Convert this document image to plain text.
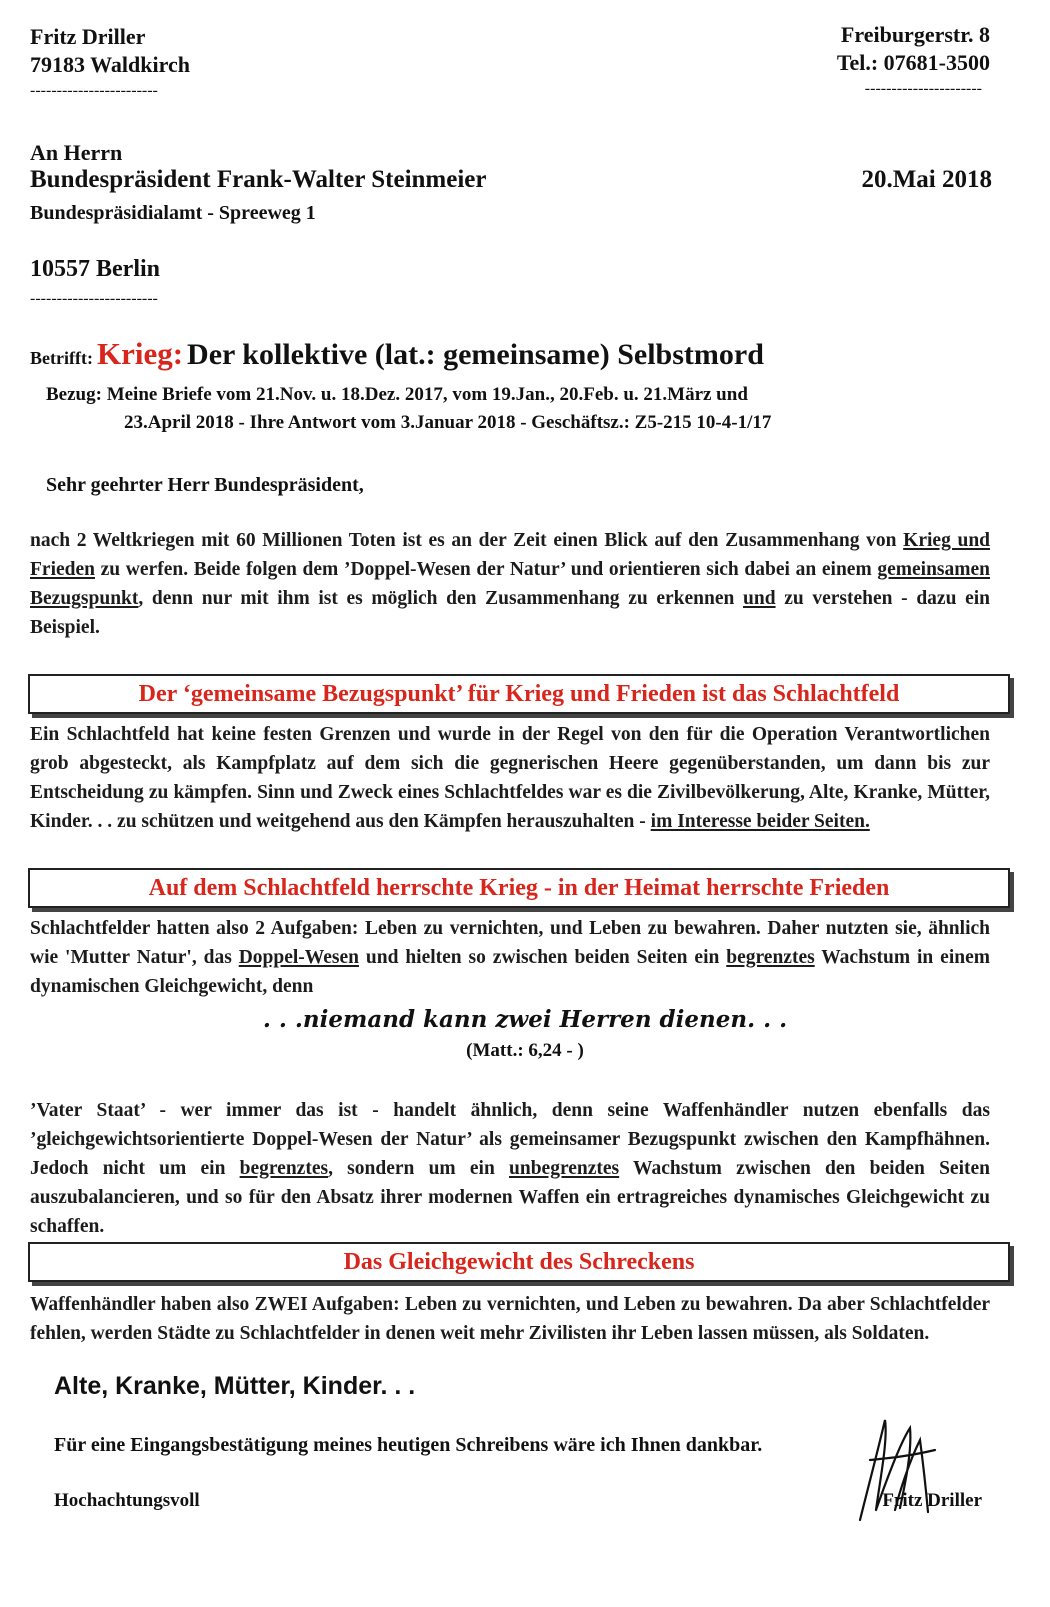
Fritz Driller
79183 Waldkirch
------------------------
Freiburgerstr. 8
Tel.: 07681-3500
----------------------
An Herrn
Bundespräsident Frank-Walter Steinmeier
Bundespräsidialamt - Spreeweg 1
10557 Berlin
------------------------
20.Mai 2018
Betrifft: Krieg: Der kollektive (lat.: gemeinsame) Selbstmord
Bezug: Meine Briefe vom 21.Nov. u. 18.Dez. 2017, vom 19.Jan., 20.Feb. u. 21.März und
23.April 2018 - Ihre Antwort vom 3.Januar 2018 - Geschäftsz.: Z5-215 10-4-1/17
Sehr geehrter Herr Bundespräsident,

nach 2 Weltkriegen mit 60 Millionen Toten ist es an der Zeit einen Blick auf den Zusammenhang von Krieg und Frieden zu werfen. Beide folgen dem ’Doppel-Wesen der Natur’ und orientieren sich dabei an einem gemeinsamen Bezugspunkt, denn nur mit ihm ist es möglich den Zusammenhang zu erkennen und zu verstehen - dazu ein Beispiel.

Der ‘gemeinsame Bezugspunkt’ für Krieg und Frieden ist das Schlachtfeld

Ein Schlachtfeld hat keine festen Grenzen und wurde in der Regel von den für die Operation Verantwortlichen grob abgesteckt, als Kampfplatz auf dem sich die gegnerischen Heere gegenüberstanden, um dann bis zur Entscheidung zu kämpfen. Sinn und Zweck eines Schlachtfeldes war es die Zivilbevölkerung, Alte, Kranke, Mütter, Kinder. . . zu schützen und weitgehend aus den Kämpfen herauszuhalten - im Interesse beider Seiten.

Auf dem Schlachtfeld herrschte Krieg - in der Heimat herrschte Frieden

Schlachtfelder hatten also 2 Aufgaben: Leben zu vernichten, und Leben zu bewahren. Daher nutzten sie, ähnlich wie 'Mutter Natur', das Doppel-Wesen und hielten so zwischen beiden Seiten ein begrenztes Wachstum in einem dynamischen Gleichgewicht, denn

. . .niemand kann zwei Herren dienen. . .
(Matt.: 6,24 - )

’Vater Staat’ - wer immer das ist - handelt ähnlich, denn seine Waffenhändler nutzen ebenfalls das ’gleichgewichtsorientierte Doppel-Wesen der Natur’ als gemeinsamer Bezugspunkt zwischen den Kampfhähnen. Jedoch nicht um ein begrenztes, sondern um ein unbegrenztes Wachstum zwischen den beiden Seiten auszubalancieren, und so für den Absatz ihrer modernen Waffen ein ertragreiches dynamisches Gleichgewicht zu schaffen.

Das Gleichgewicht des Schreckens

Waffenhändler haben also ZWEI Aufgaben: Leben zu vernichten, und Leben zu bewahren. Da aber Schlachtfelder fehlen, werden Städte zu Schlachtfelder in denen weit mehr Zivilisten ihr Leben lassen müssen, als Soldaten.

Alte, Kranke, Mütter, Kinder. . .
Für eine Eingangsbestätigung meines heutigen Schreibens wäre ich Ihnen dankbar.
Hochachtungsvoll	Fritz Driller
